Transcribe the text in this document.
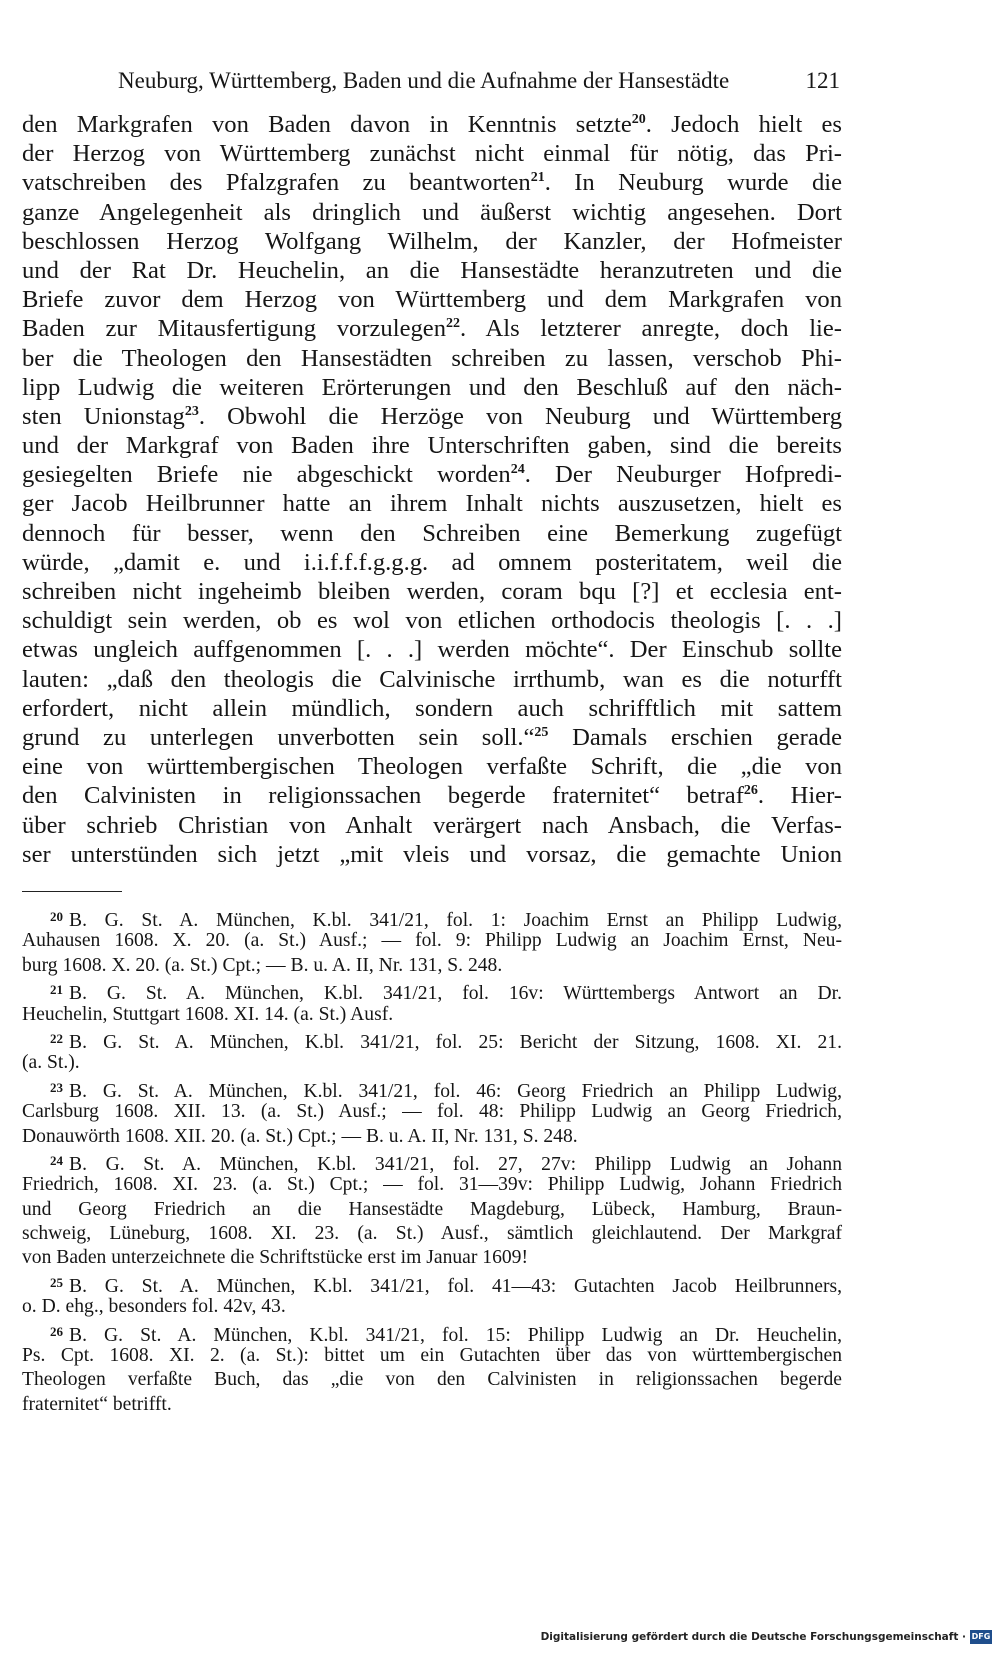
Neuburg, Württemberg, Baden und die Aufnahme der Hansestädte	121
den Markgrafen von Baden davon in Kenntnis setzte$^{20}$. Jedoch hielt es
der Herzog von Württemberg zunächst nicht einmal für nötig, das Pri-
vatschreiben des Pfalzgrafen zu beantworten$^{21}$. In Neuburg wurde die
ganze Angelegenheit als dringlich und äußerst wichtig angesehen. Dort
beschlossen Herzog Wolfgang Wilhelm, der Kanzler, der Hofmeister
und der Rat Dr. Heuchelin, an die Hansestädte heranzutreten und die
Briefe zuvor dem Herzog von Württemberg und dem Markgrafen von
Baden zur Mitausfertigung vorzulegen$^{22}$. Als letzterer anregte, doch lie-
ber die Theologen den Hansestädten schreiben zu lassen, verschob Phi-
lipp Ludwig die weiteren Erörterungen und den Beschluß auf den näch-
sten Unionstag$^{23}$. Obwohl die Herzöge von Neuburg und Württemberg
und der Markgraf von Baden ihre Unterschriften gaben, sind die bereits
gesiegelten Briefe nie abgeschickt worden$^{24}$. Der Neuburger Hofpredi-
ger Jacob Heilbrunner hatte an ihrem Inhalt nichts auszusetzen, hielt es
dennoch für besser, wenn den Schreiben eine Bemerkung zugefügt
würde, „damit e. und i.i.f.f.f.g.g.g. ad omnem posteritatem, weil die
schreiben nicht ingeheimb bleiben werden, coram bqu [?] et ecclesia ent-
schuldigt sein werden, ob es wol von etlichen orthodocis theologis [. . .]
etwas ungleich auffgenommen [. . .] werden möchte“. Der Einschub sollte
lauten: „daß den theologis die Calvinische irrthumb, wan es die noturfft
erfordert, nicht allein mündlich, sondern auch schrifftlich mit sattem
grund zu unterlegen unverbotten sein soll.“$^{25}$ Damals erschien gerade
eine von württembergischen Theologen verfaßte Schrift, die „die von
den Calvinisten in religionssachen begerde fraternitet“ betraf$^{26}$. Hier-
über schrieb Christian von Anhalt verärgert nach Ansbach, die Verfas-
ser unterstünden sich jetzt „mit vleis und vorsaz, die gemachte Union
$^{20}$ B. G. St. A. München, K.bl. 341/21, fol. 1: Joachim Ernst an Philipp Ludwig,
Auhausen 1608. X. 20. (a. St.) Ausf.; — fol. 9: Philipp Ludwig an Joachim Ernst, Neu-
burg 1608. X. 20. (a. St.) Cpt.; — B. u. A. II, Nr. 131, S. 248.
$^{21}$ B. G. St. A. München, K.bl. 341/21, fol. 16v: Württembergs Antwort an Dr.
Heuchelin, Stuttgart 1608. XI. 14. (a. St.) Ausf.
$^{22}$ B. G. St. A. München, K.bl. 341/21, fol. 25: Bericht der Sitzung, 1608. XI. 21.
(a. St.).
$^{23}$ B. G. St. A. München, K.bl. 341/21, fol. 46: Georg Friedrich an Philipp Ludwig,
Carlsburg 1608. XII. 13. (a. St.) Ausf.; — fol. 48: Philipp Ludwig an Georg Friedrich,
Donauwörth 1608. XII. 20. (a. St.) Cpt.; — B. u. A. II, Nr. 131, S. 248.
$^{24}$ B. G. St. A. München, K.bl. 341/21, fol. 27, 27v: Philipp Ludwig an Johann
Friedrich, 1608. XI. 23. (a. St.) Cpt.; — fol. 31—39v: Philipp Ludwig, Johann Friedrich
und Georg Friedrich an die Hansestädte Magdeburg, Lübeck, Hamburg, Braun-
schweig, Lüneburg, 1608. XI. 23. (a. St.) Ausf., sämtlich gleichlautend. Der Markgraf
von Baden unterzeichnete die Schriftstücke erst im Januar 1609!
$^{25}$ B. G. St. A. München, K.bl. 341/21, fol. 41—43: Gutachten Jacob Heilbrunners,
o. D. ehg., besonders fol. 42v, 43.
$^{26}$ B. G. St. A. München, K.bl. 341/21, fol. 15: Philipp Ludwig an Dr. Heuchelin,
Ps. Cpt. 1608. XI. 2. (a. St.): bittet um ein Gutachten über das von württembergischen
Theologen verfaßte Buch, das „die von den Calvinisten in religionssachen begerde
fraternitet“ betrifft.
Digitalisierung gefördert durch die Deutsche Forschungsgemeinschaft · DFG
